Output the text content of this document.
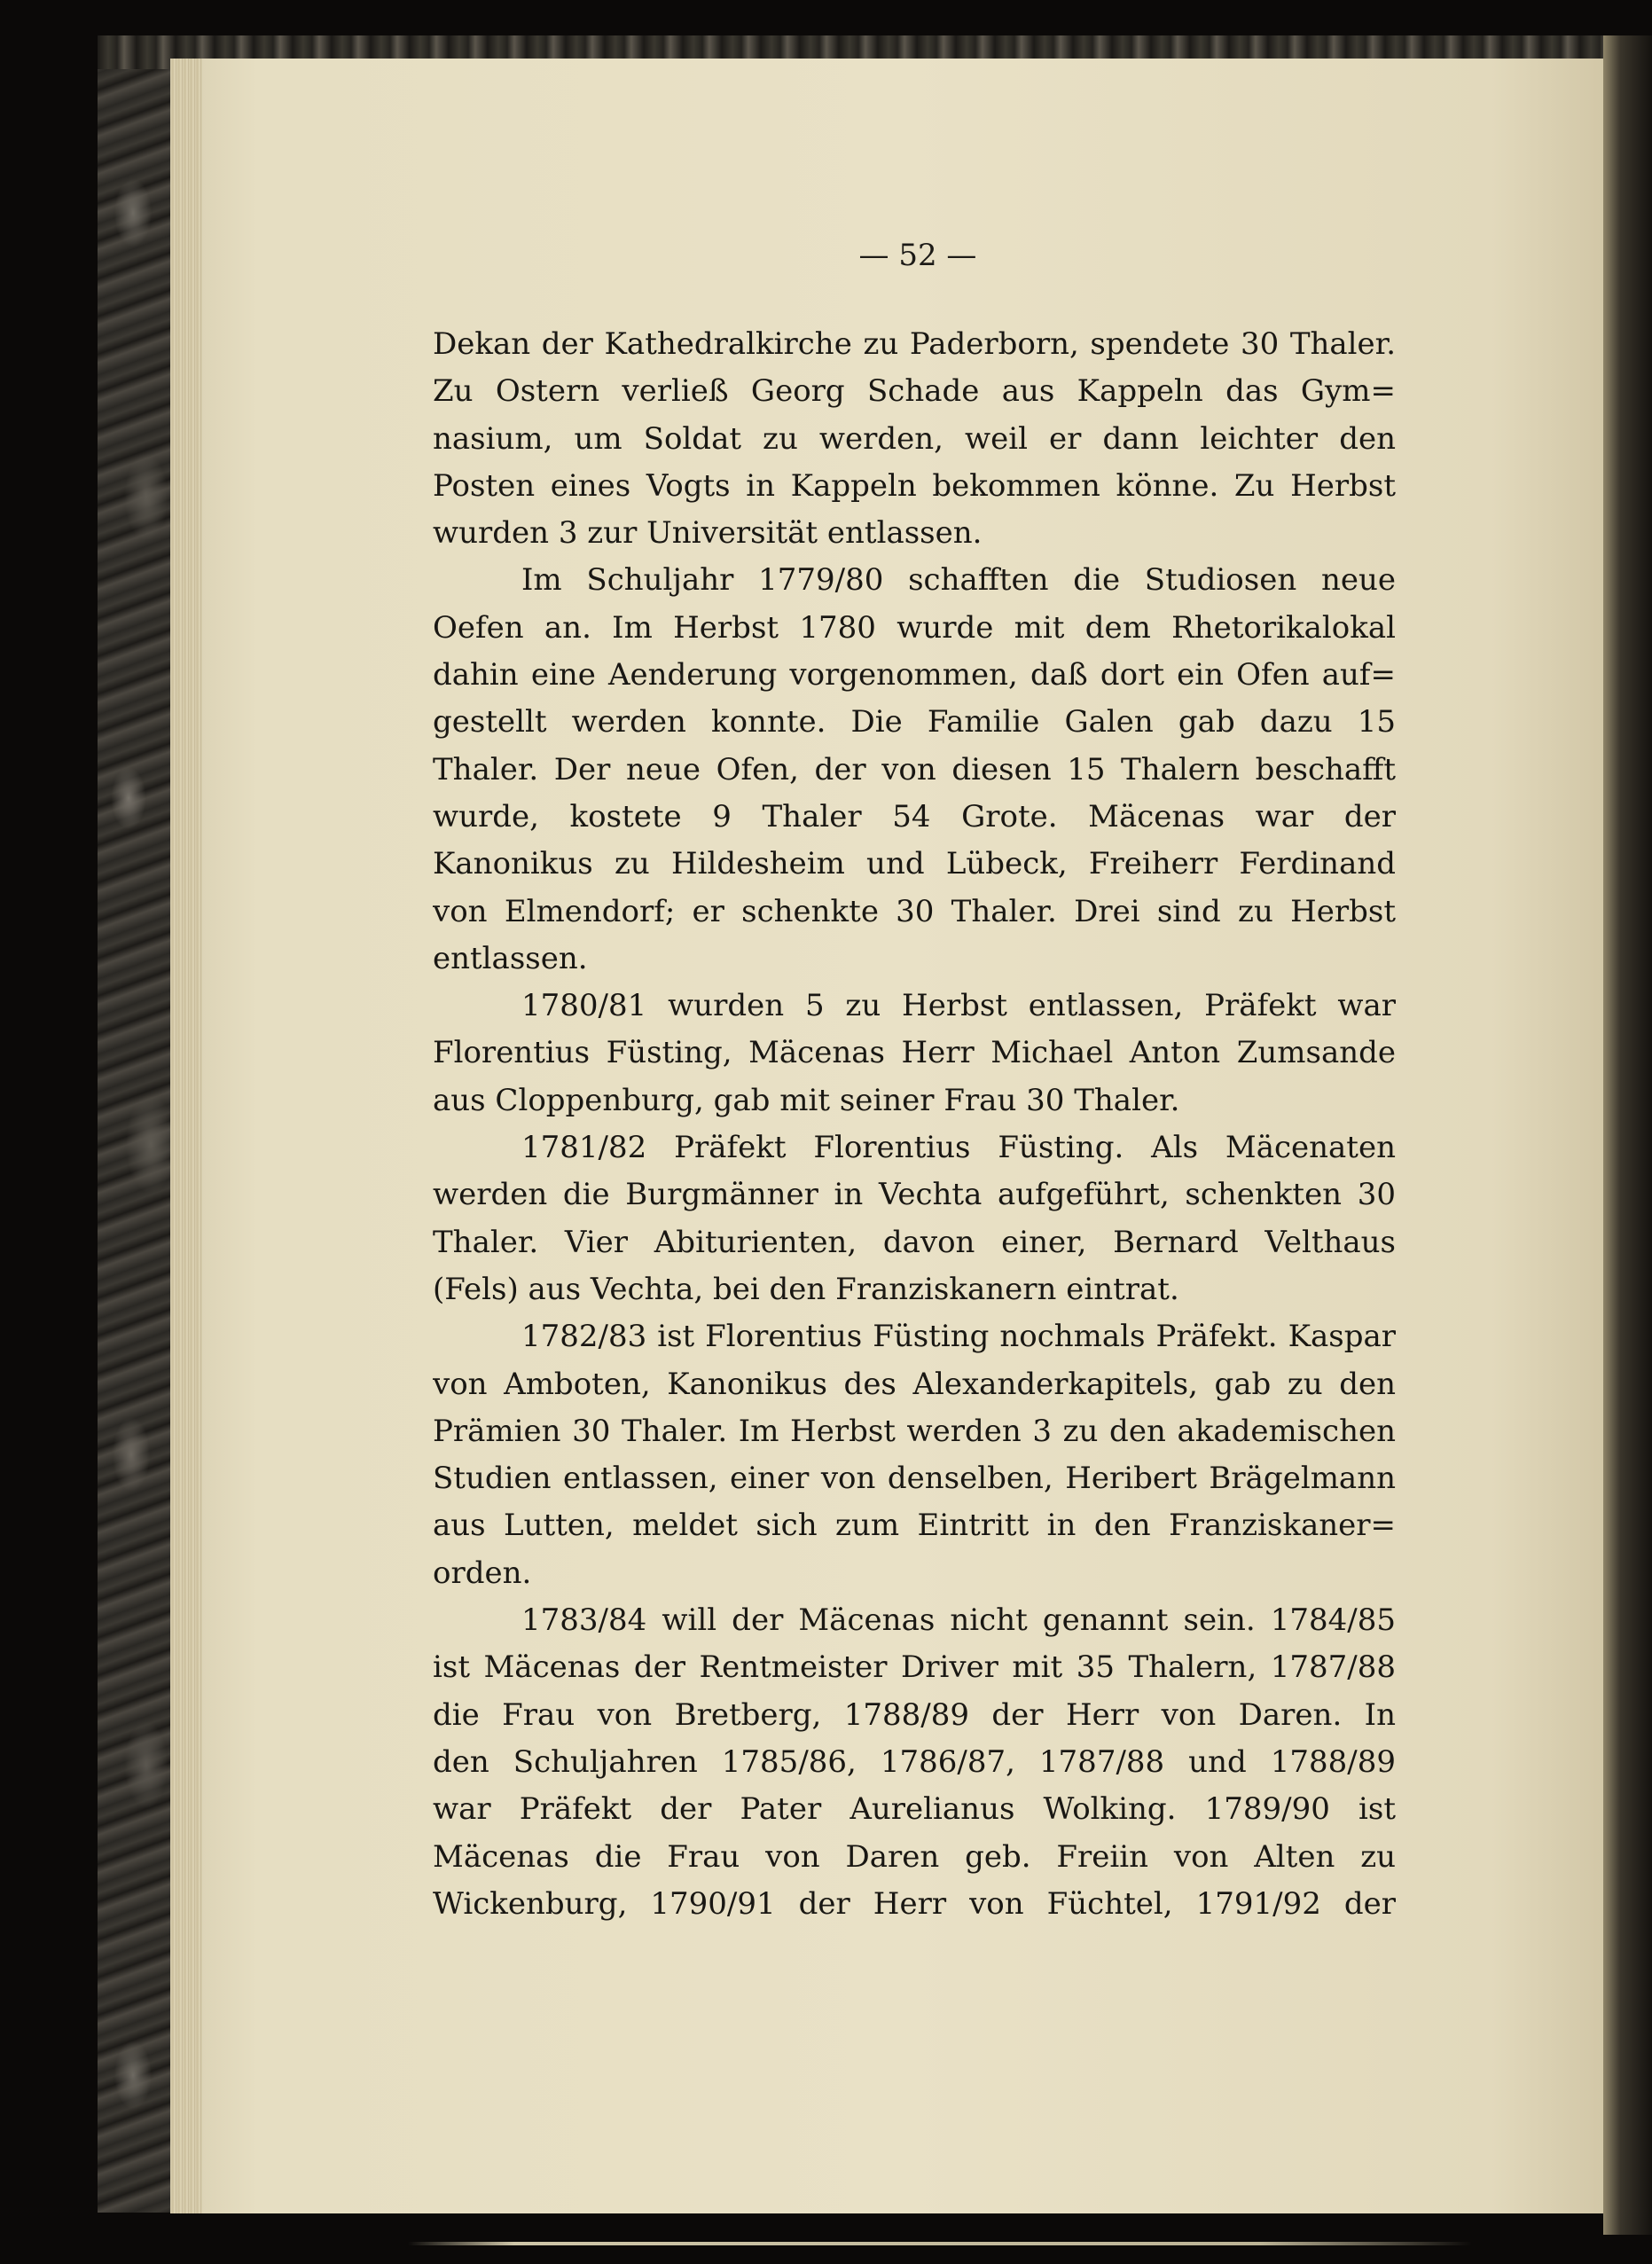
— 52 —
Dekan der Kathedralkirche zu Paderborn, spendete 30 Thaler.
Zu Ostern verließ Georg Schade aus Kappeln das Gym=
nasium, um Soldat zu werden, weil er dann leichter den
Posten eines Vogts in Kappeln bekommen könne. Zu Herbst
wurden 3 zur Universität entlassen.
Im Schuljahr 1779/80 schafften die Studiosen neue
Oefen an. Im Herbst 1780 wurde mit dem Rhetorikalokal
dahin eine Aenderung vorgenommen, daß dort ein Ofen auf=
gestellt werden konnte. Die Familie Galen gab dazu 15
Thaler. Der neue Ofen, der von diesen 15 Thalern beschafft
wurde, kostete 9 Thaler 54 Grote. Mäcenas war der
Kanonikus zu Hildesheim und Lübeck, Freiherr Ferdinand
von Elmendorf; er schenkte 30 Thaler. Drei sind zu Herbst
entlassen.
1780/81 wurden 5 zu Herbst entlassen, Präfekt war
Florentius Füsting, Mäcenas Herr Michael Anton Zumsande
aus Cloppenburg, gab mit seiner Frau 30 Thaler.
1781/82 Präfekt Florentius Füsting. Als Mäcenaten
werden die Burgmänner in Vechta aufgeführt, schenkten 30
Thaler. Vier Abiturienten, davon einer, Bernard Velthaus
(Fels) aus Vechta, bei den Franziskanern eintrat.
1782/83 ist Florentius Füsting nochmals Präfekt. Kaspar
von Amboten, Kanonikus des Alexanderkapitels, gab zu den
Prämien 30 Thaler. Im Herbst werden 3 zu den akademischen
Studien entlassen, einer von denselben, Heribert Brägelmann
aus Lutten, meldet sich zum Eintritt in den Franziskaner=
orden.
1783/84 will der Mäcenas nicht genannt sein. 1784/85
ist Mäcenas der Rentmeister Driver mit 35 Thalern, 1787/88
die Frau von Bretberg, 1788/89 der Herr von Daren. In
den Schuljahren 1785/86, 1786/87, 1787/88 und 1788/89
war Präfekt der Pater Aurelianus Wolking. 1789/90 ist
Mäcenas die Frau von Daren geb. Freiin von Alten zu
Wickenburg, 1790/91 der Herr von Füchtel, 1791/92 der
